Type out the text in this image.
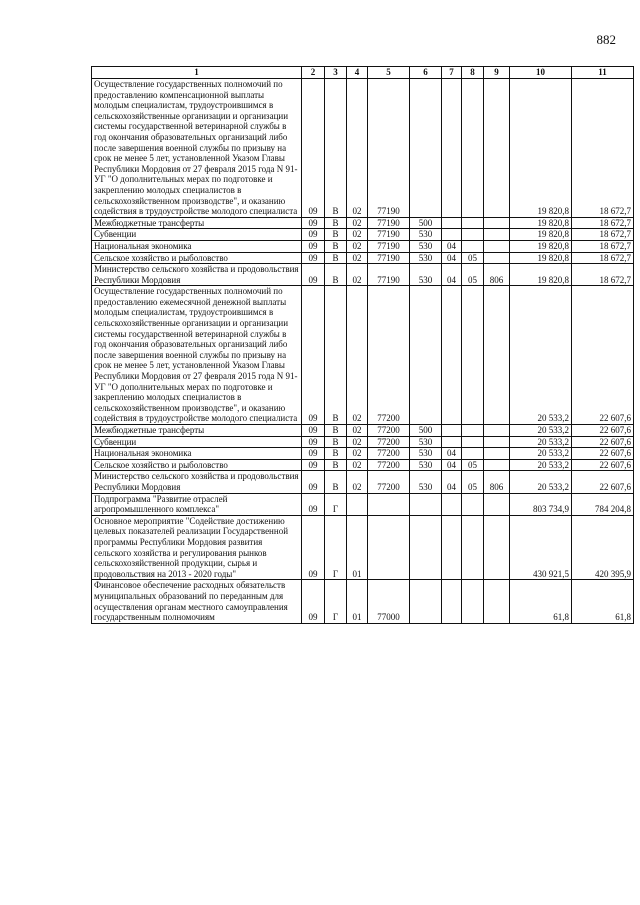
882
1	2	3	4	5	6	7	8	9	10	11
Осуществление государственных полномочий по предоставлению компенсационной выплаты молодым специалистам, трудоустроившимся в сельскохозяйственные организации и организации системы государственной ветеринарной службы в год окончания образовательных организаций либо после завершения военной службы по призыву на срок не менее 5 лет, установленной Указом Главы Республики Мордовия от 27 февраля 2015 года N 91-УГ "О дополнительных мерах по подготовке и закреплению молодых специалистов в сельскохозяйственном производстве", и оказанию содействия в трудоустройстве молодого специалиста	09	В	02	77190					19 820,8	18 672,7
Межбюджетные трансферты	09	В	02	77190	500				19 820,8	18 672,7
Субвенции	09	В	02	77190	530				19 820,8	18 672,7
Национальная экономика	09	В	02	77190	530	04			19 820,8	18 672,7
Сельское хозяйство и рыболовство	09	В	02	77190	530	04	05		19 820,8	18 672,7
Министерство сельского хозяйства и продовольствия Республики Мордовия	09	В	02	77190	530	04	05	806	19 820,8	18 672,7
Осуществление государственных полномочий по предоставлению ежемесячной денежной выплаты молодым специалистам, трудоустроившимся в сельскохозяйственные организации и организации системы государственной ветеринарной службы в год окончания образовательных организаций либо после завершения военной службы по призыву на срок не менее 5 лет, установленной Указом Главы Республики Мордовия от 27 февраля 2015 года N 91-УГ "О дополнительных мерах по подготовке и закреплению молодых специалистов в сельскохозяйственном производстве", и оказанию содействия в трудоустройстве молодого специалиста	09	В	02	77200					20 533,2	22 607,6
Межбюджетные трансферты	09	В	02	77200	500				20 533,2	22 607,6
Субвенции	09	В	02	77200	530				20 533,2	22 607,6
Национальная экономика	09	В	02	77200	530	04			20 533,2	22 607,6
Сельское хозяйство и рыболовство	09	В	02	77200	530	04	05		20 533,2	22 607,6
Министерство сельского хозяйства и продовольствия Республики Мордовия	09	В	02	77200	530	04	05	806	20 533,2	22 607,6
Подпрограмма "Развитие отраслей агропромышленного комплекса"	09	Г							803 734,9	784 204,8
Основное мероприятие "Содействие достижению целевых показателей реализации Государственной программы Республики Мордовия развития сельского хозяйства и регулирования рынков сельскохозяйственной продукции, сырья и продовольствия на 2013 - 2020 годы"	09	Г	01						430 921,5	420 395,9
Финансовое обеспечение расходных обязательств муниципальных образований по переданным для осуществления органам местного самоуправления государственным полномочиям	09	Г	01	77000					61,8	61,8
